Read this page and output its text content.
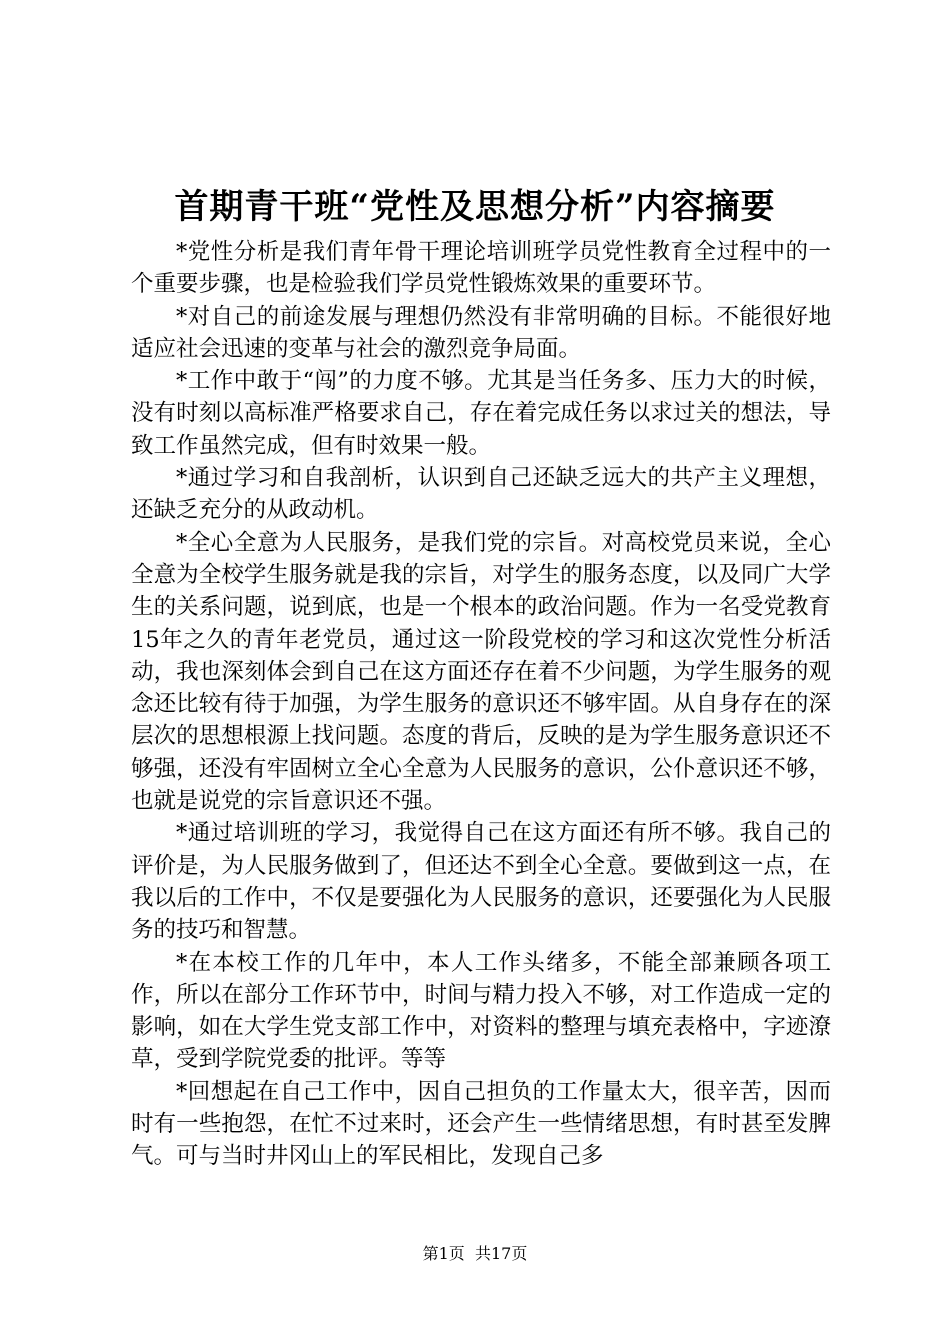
首期青干班“党性及思想分析”内容摘要

*党性分析是我们青年骨干理论培训班学员党性教育全过程中的一个重要步骤，也是检验我们学员党性锻炼效果的重要环节。

*对自己的前途发展与理想仍然没有非常明确的目标。不能很好地适应社会迅速的变革与社会的激烈竞争局面。

*工作中敢于“闯”的力度不够。尤其是当任务多、压力大的时候，没有时刻以高标准严格要求自己，存在着完成任务以求过关的想法，导致工作虽然完成，但有时效果一般。

*通过学习和自我剖析，认识到自己还缺乏远大的共产主义理想，还缺乏充分的从政动机。

*全心全意为人民服务，是我们党的宗旨。对高校党员来说，全心全意为全校学生服务就是我的宗旨，对学生的服务态度，以及同广大学生的关系问题，说到底，也是一个根本的政治问题。作为一名受党教育15年之久的青年老党员，通过这一阶段党校的学习和这次党性分析活动，我也深刻体会到自己在这方面还存在着不少问题，为学生服务的观念还比较有待于加强，为学生服务的意识还不够牢固。从自身存在的深层次的思想根源上找问题。态度的背后，反映的是为学生服务意识还不够强，还没有牢固树立全心全意为人民服务的意识，公仆意识还不够，也就是说党的宗旨意识还不强。

*通过培训班的学习，我觉得自己在这方面还有所不够。我自己的评价是，为人民服务做到了，但还达不到全心全意。要做到这一点，在我以后的工作中，不仅是要强化为人民服务的意识，还要强化为人民服务的技巧和智慧。

*在本校工作的几年中，本人工作头绪多，不能全部兼顾各项工作，所以在部分工作环节中，时间与精力投入不够，对工作造成一定的影响，如在大学生党支部工作中，对资料的整理与填充表格中，字迹潦草，受到学院党委的批评。等等

*回想起在自己工作中，因自己担负的工作量太大，很辛苦，因而时有一些抱怨，在忙不过来时，还会产生一些情绪思想，有时甚至发脾气。可与当时井冈山上的军民相比，发现自己多

第1页 共17页
